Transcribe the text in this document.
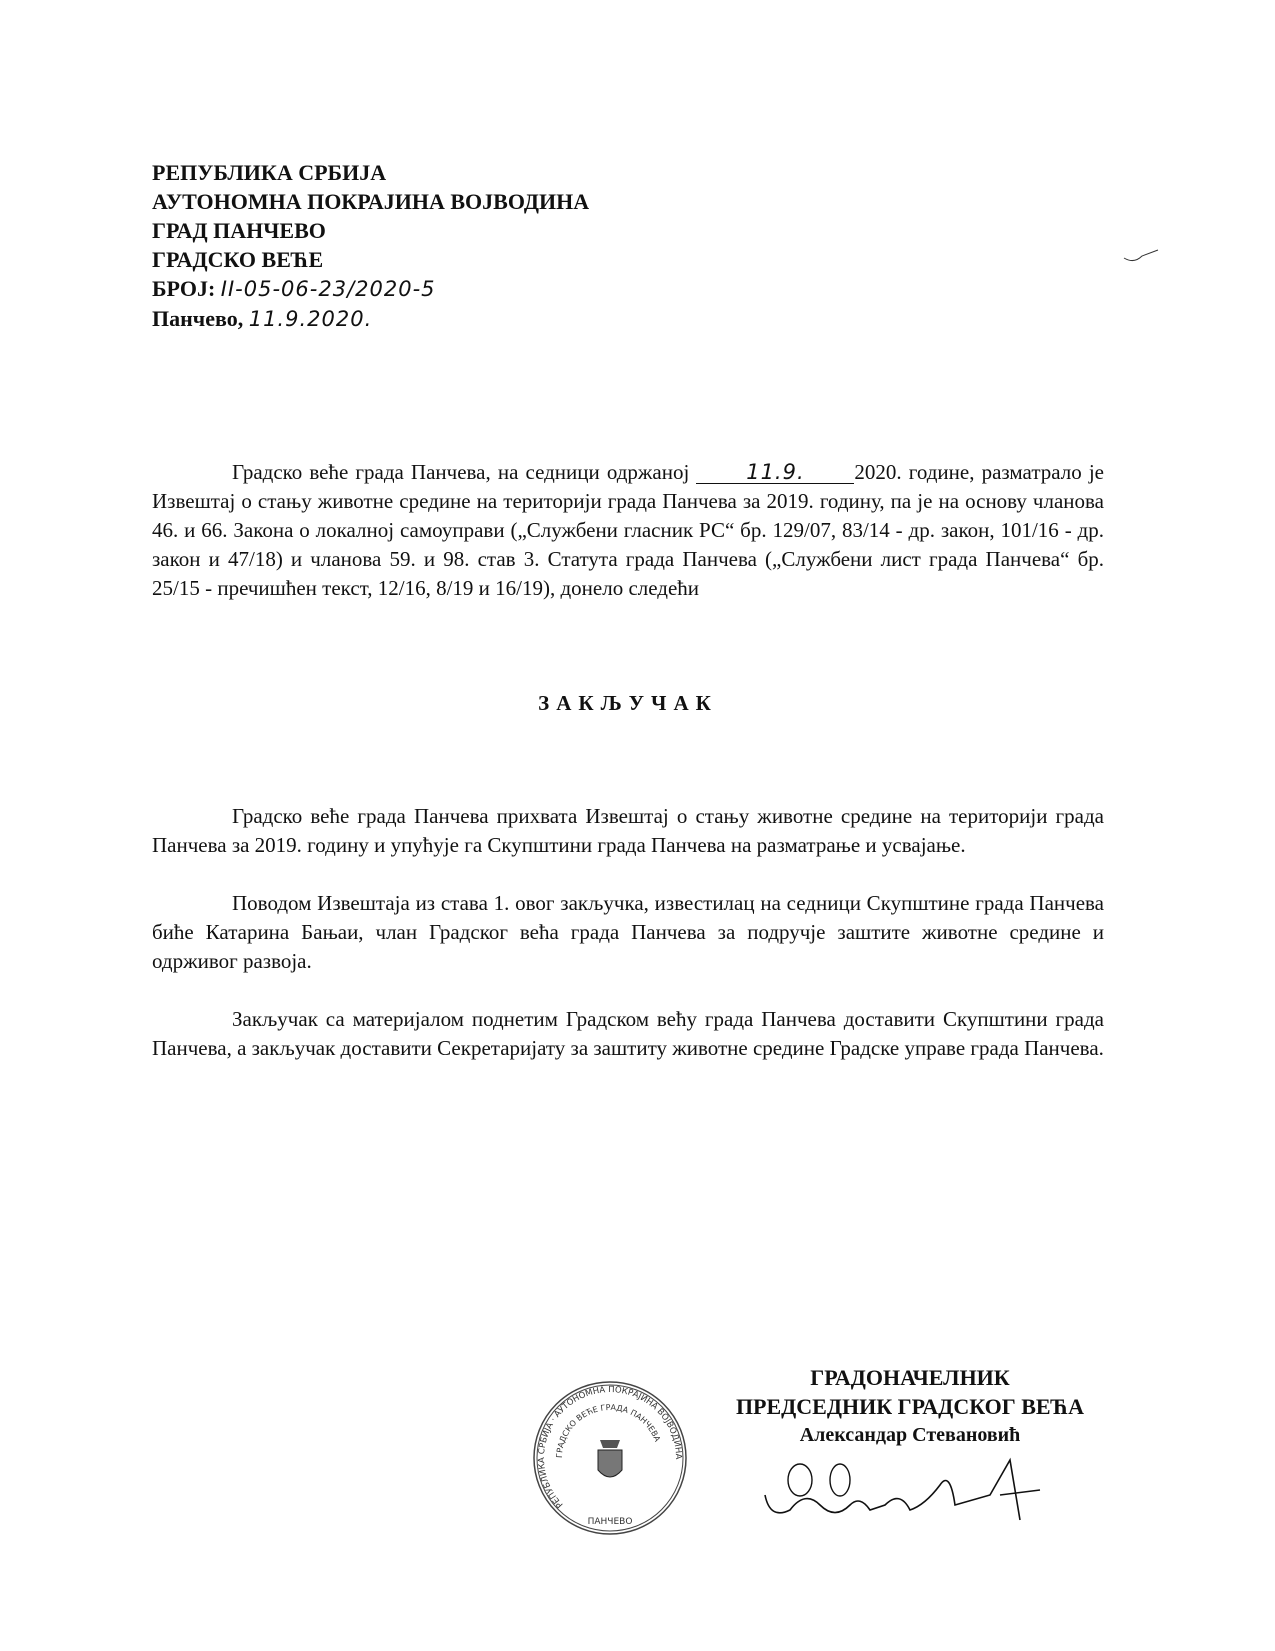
РЕПУБЛИКА СРБИЈА
АУТОНОМНА ПОКРАЈИНА ВОЈВОДИНА
ГРАД ПАНЧЕВО
ГРАДСКО ВЕЋЕ
БРОЈ: II-05-06-23/2020-5
Панчево, 11.9.2020.
Градско веће града Панчева, на седници одржаној 11.9. 2020. године, разматрало је Извештај о стању животне средине на територији града Панчева за 2019. годину, па је на основу чланова 46. и 66. Закона о локалној самоуправи („Службени гласник РС“ бр. 129/07, 83/14 - др. закон, 101/16 - др. закон и 47/18) и чланова 59. и 98. став 3. Статута града Панчева („Службени лист града Панчева“ бр. 25/15 - пречишћен текст, 12/16, 8/19 и 16/19), донело следећи
ЗАКЉУЧАК
Градско веће града Панчева прихвата Извештај о стању животне средине на територији града Панчева за 2019. годину и упућује га Скупштини града Панчева на разматрање и усвајање.
Поводом Извештаја из става 1. овог закључка, известилац на седници Скупштине града Панчева биће Катарина Бањаи, члан Градског већа града Панчева за подручје заштите животне средине и одрживог развоја.
Закључак са материјалом поднетим Градском већу града Панчева доставити Скупштини града Панчева, а закључак доставити Секретаријату за заштиту животне средине Градске управе града Панчева.
РЕПУБЛИКА СРБИЈА · АУТОНОМНА ПОКРАЈИНА ВОЈВОДИНА
ГРАДСКО ВЕЋЕ ГРАДА ПАНЧЕВА
ПАНЧЕВО
ГРАДОНАЧЕЛНИК
ПРЕДСЕДНИК ГРАДСКОГ ВЕЋА
Александар Стевановић
